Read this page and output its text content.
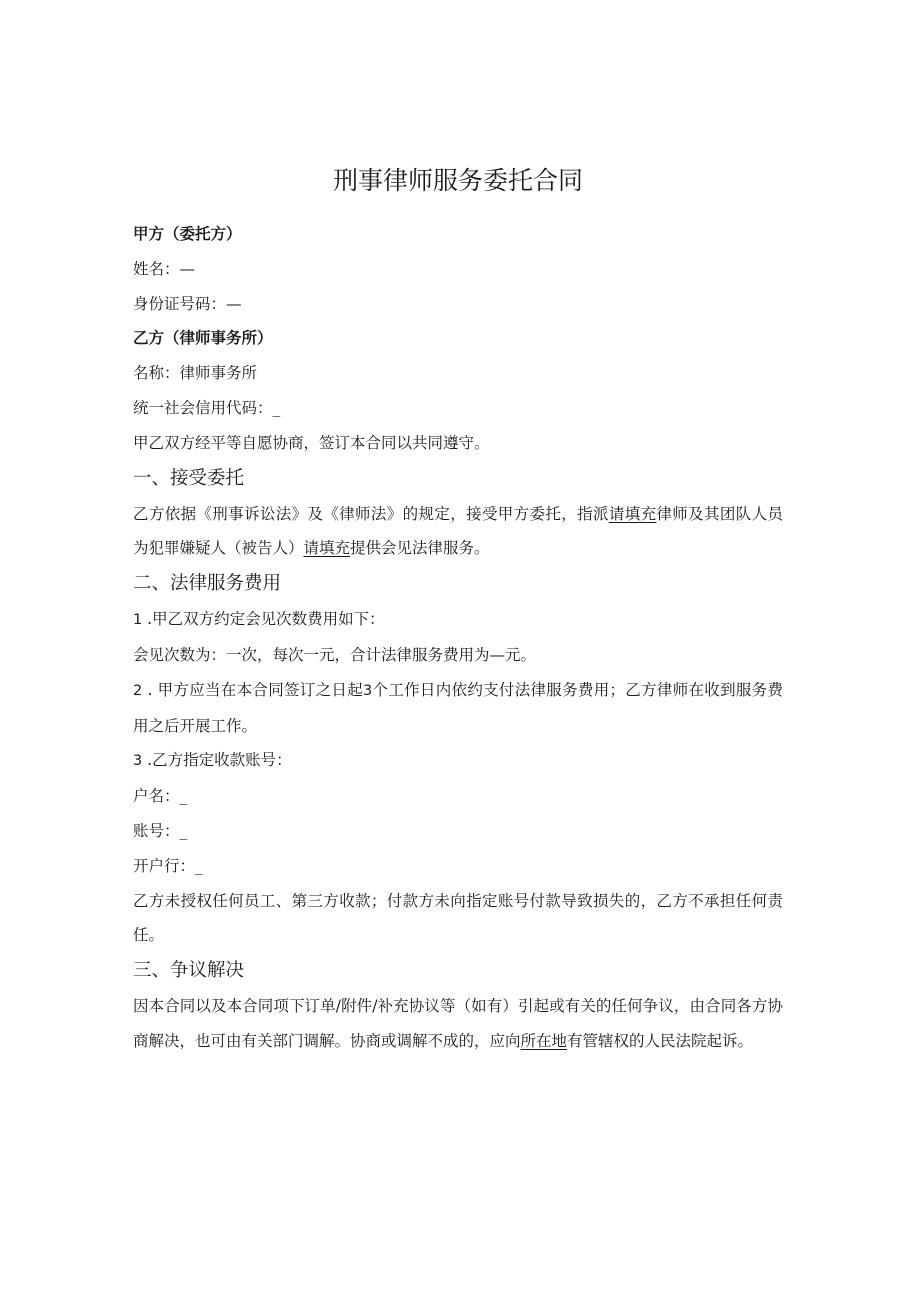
刑事律师服务委托合同

甲方（委托方）

姓名：—

身份证号码：—

乙方（律师事务所）

名称：律师事务所

统一社会信用代码：_

甲乙双方经平等自愿协商，签订本合同以共同遵守。

一、接受委托

乙方依据《刑事诉讼法》及《律师法》的规定，接受甲方委托，指派请填充律师及其团队人员为犯罪嫌疑人（被告人）请填充提供会见法律服务。

二、法律服务费用

1 .甲乙双方约定会见次数费用如下：

会见次数为：一次，每次一元，合计法律服务费用为—元。

2 . 甲方应当在本合同签订之日起3个工作日内依约支付法律服务费用；乙方律师在收到服务费用之后开展工作。

3 .乙方指定收款账号：

户名：_

账号：_

开户行：_

乙方未授权任何员工、第三方收款；付款方未向指定账号付款导致损失的，乙方不承担任何责任。

三、争议解决

因本合同以及本合同项下订单/附件/补充协议等（如有）引起或有关的任何争议，由合同各方协商解决，也可由有关部门调解。协商或调解不成的，应向所在地有管辖权的人民法院起诉。
